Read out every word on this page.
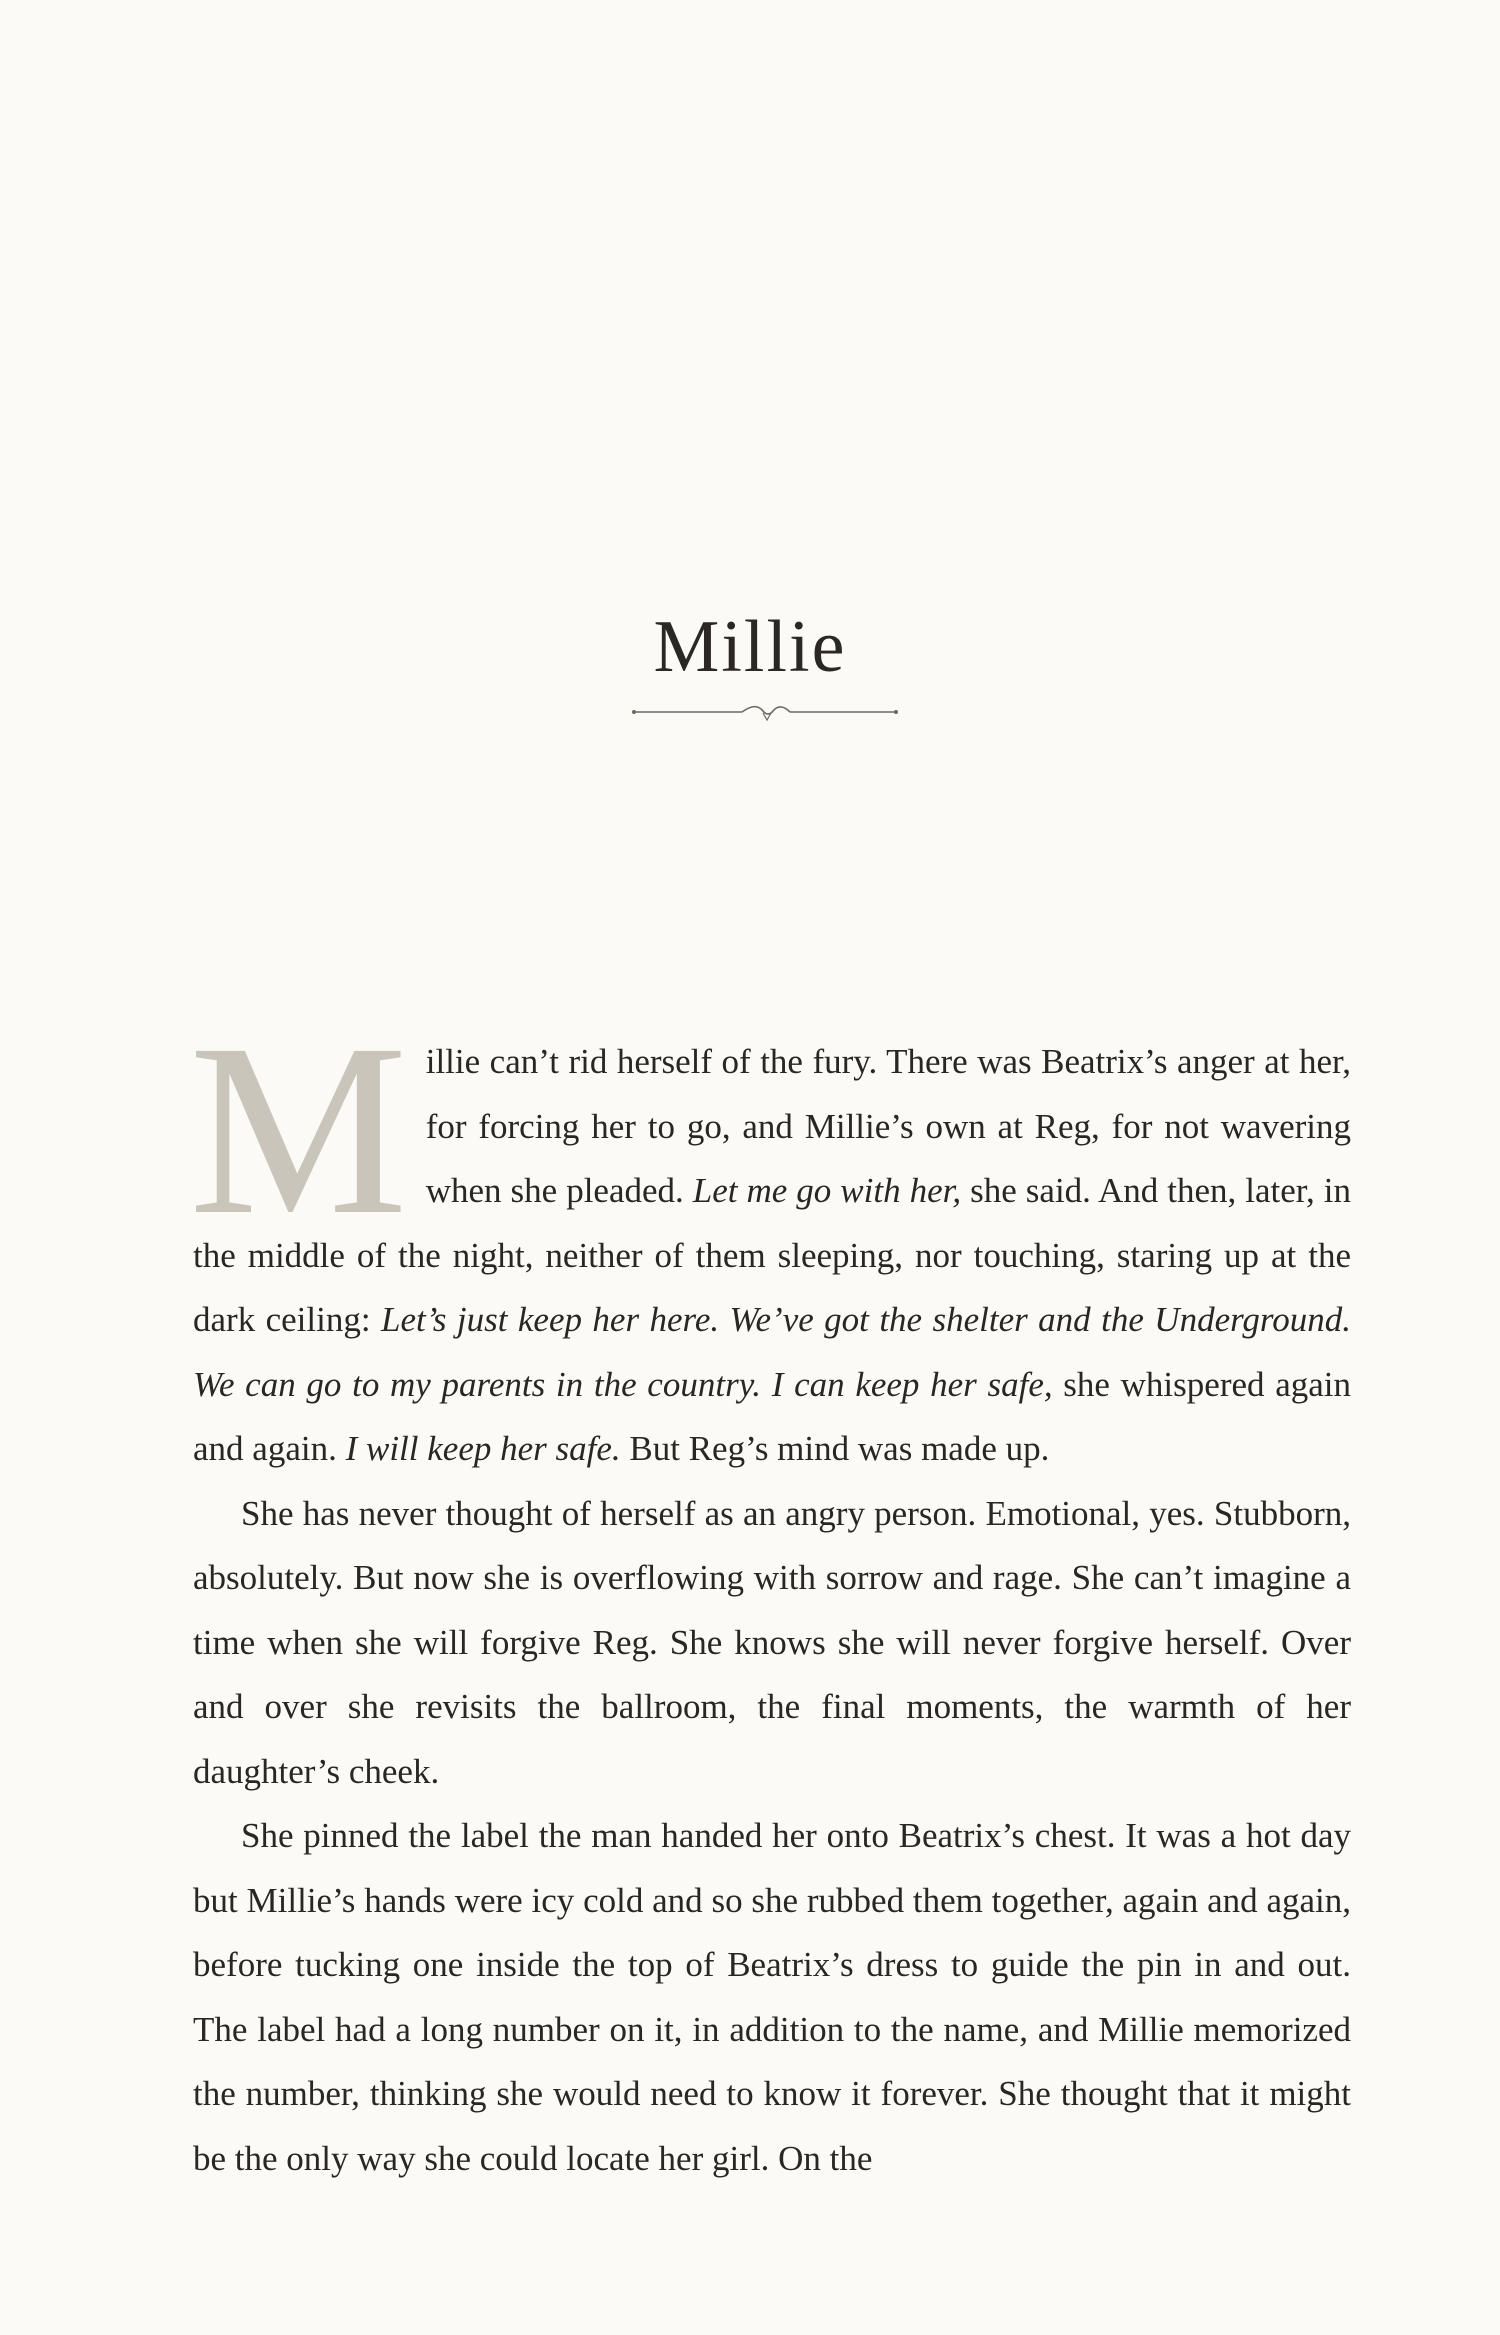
Millie
M illie can’t rid herself of the fury. There was Beatrix’s anger at her, for forcing her to go, and Millie’s own at Reg, for not wavering when she pleaded. Let me go with her, she said. And then, later, in the middle of the night, neither of them sleeping, nor touching, staring up at the dark ceiling: Let’s just keep her here. We’ve got the shelter and the Underground. We can go to my parents in the country. I can keep her safe, she whispered again and again. I will keep her safe. But Reg’s mind was made up.

She has never thought of herself as an angry person. Emotional, yes. Stubborn, absolutely. But now she is overflowing with sorrow and rage. She can’t imagine a time when she will forgive Reg. She knows she will never forgive herself. Over and over she revisits the ballroom, the final moments, the warmth of her daughter’s cheek.

She pinned the label the man handed her onto Beatrix’s chest. It was a hot day but Millie’s hands were icy cold and so she rubbed them together, again and again, before tucking one inside the top of Beatrix’s dress to guide the pin in and out. The label had a long number on it, in addition to the name, and Millie memorized the number, thinking she would need to know it forever. She thought that it might be the only way she could locate her girl. On the
